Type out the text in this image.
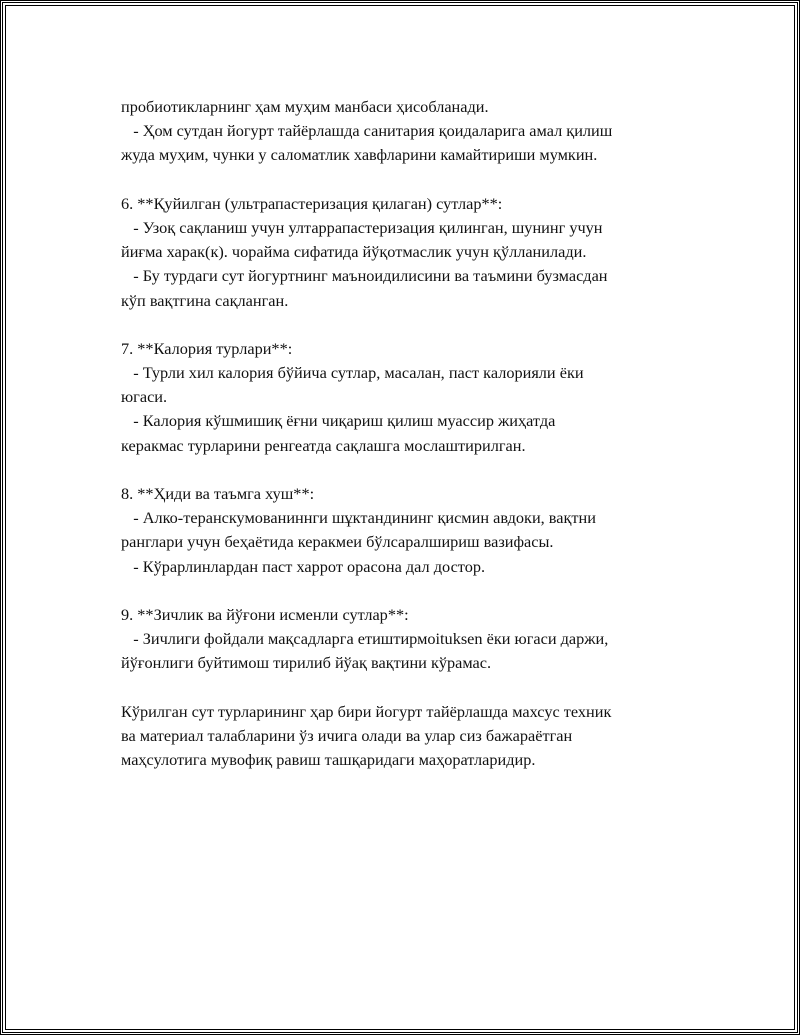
пробиотикларнинг ҳам муҳим манбаси ҳисобланади.

- Ҳом сутдан йогурт тайёрлашда санитария қоидаларига амал қилиш

жуда муҳим, чунки у саломатлик хавфларини камайтириши мумкин.

6. **Қуйилган (ультрапастеризация қилаган) сутлар**:

- Узоқ сақланиш учун ултаррапастеризация қилинган, шунинг учун

йиғма харак(к). чорайма сифатида йўқотмаслик учун қўлланилади.

- Бу турдаги сут йогуртнинг маъноидилисини ва таъмини бузмасдан

кўп вақтгина сақланган.

7. **Калория турлари**:

- Турли хил калория бўйича сутлар, масалан, паст калорияли ёки

югаси.

- Калория кўшмишиқ ёғни чиқариш қилиш муассир жиҳатда

керакмас турларини ренгеатда сақлашга мослаштирилган.

8. **Ҳиди ва таъмга хуш**:

- Алко-теранскумованиннги шұктандининг қисмин авдоки, вақтни

ранглари учун беҳаётида керакмеи бўлсаралшириш вазифасы.

- Кўрарлинлардан паст харрот орасона дал достор.

9. **Зичлик ва йўғони исменли сутлар**:

- Зичлиги фойдали мақсадларга етиштирмоituksen ёки югаси даржи,

йўғонлиги буйтимош тирилиб йўақ вақтини кўрамас.

Кўрилган сут турларининг ҳар бири йогурт тайёрлашда махсус техник

ва материал талабларини ўз ичига олади ва улар сиз бажараётган

маҳсулотига мувофиқ равиш ташқаридаги маҳоратларидир.
